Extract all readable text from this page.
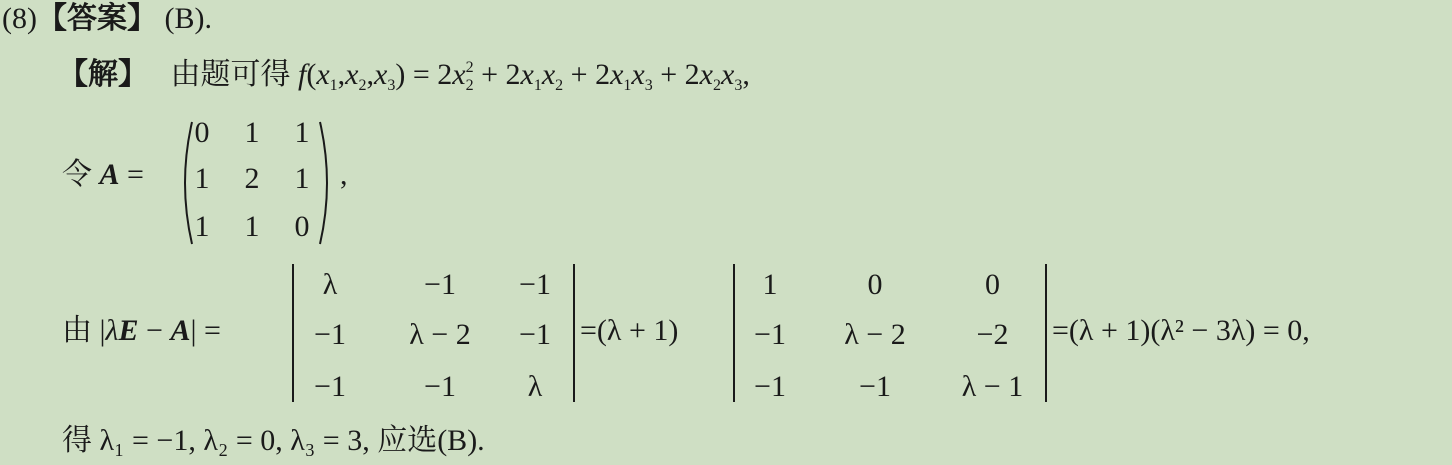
(8)【答案】 (B).
【解】 由题可得 $f(x_1,x_2,x_3) = 2x^2_2 + 2x_1x_2 + 2x_1x_3 + 2x_2x_3$,
令 A =
0 1 1
1 2 1
1 1 0
,
由 |λE − A| =
λ	−1	−1
−1	λ − 2	−1
−1	−1	λ
=(λ + 1)
1	0	0
−1	λ − 2	−2
−1	−1	λ − 1
=(λ + 1)(λ² − 3λ) = 0,
得 λ₁ = −1, λ₂ = 0, λ₃ = 3, 应选(B).
